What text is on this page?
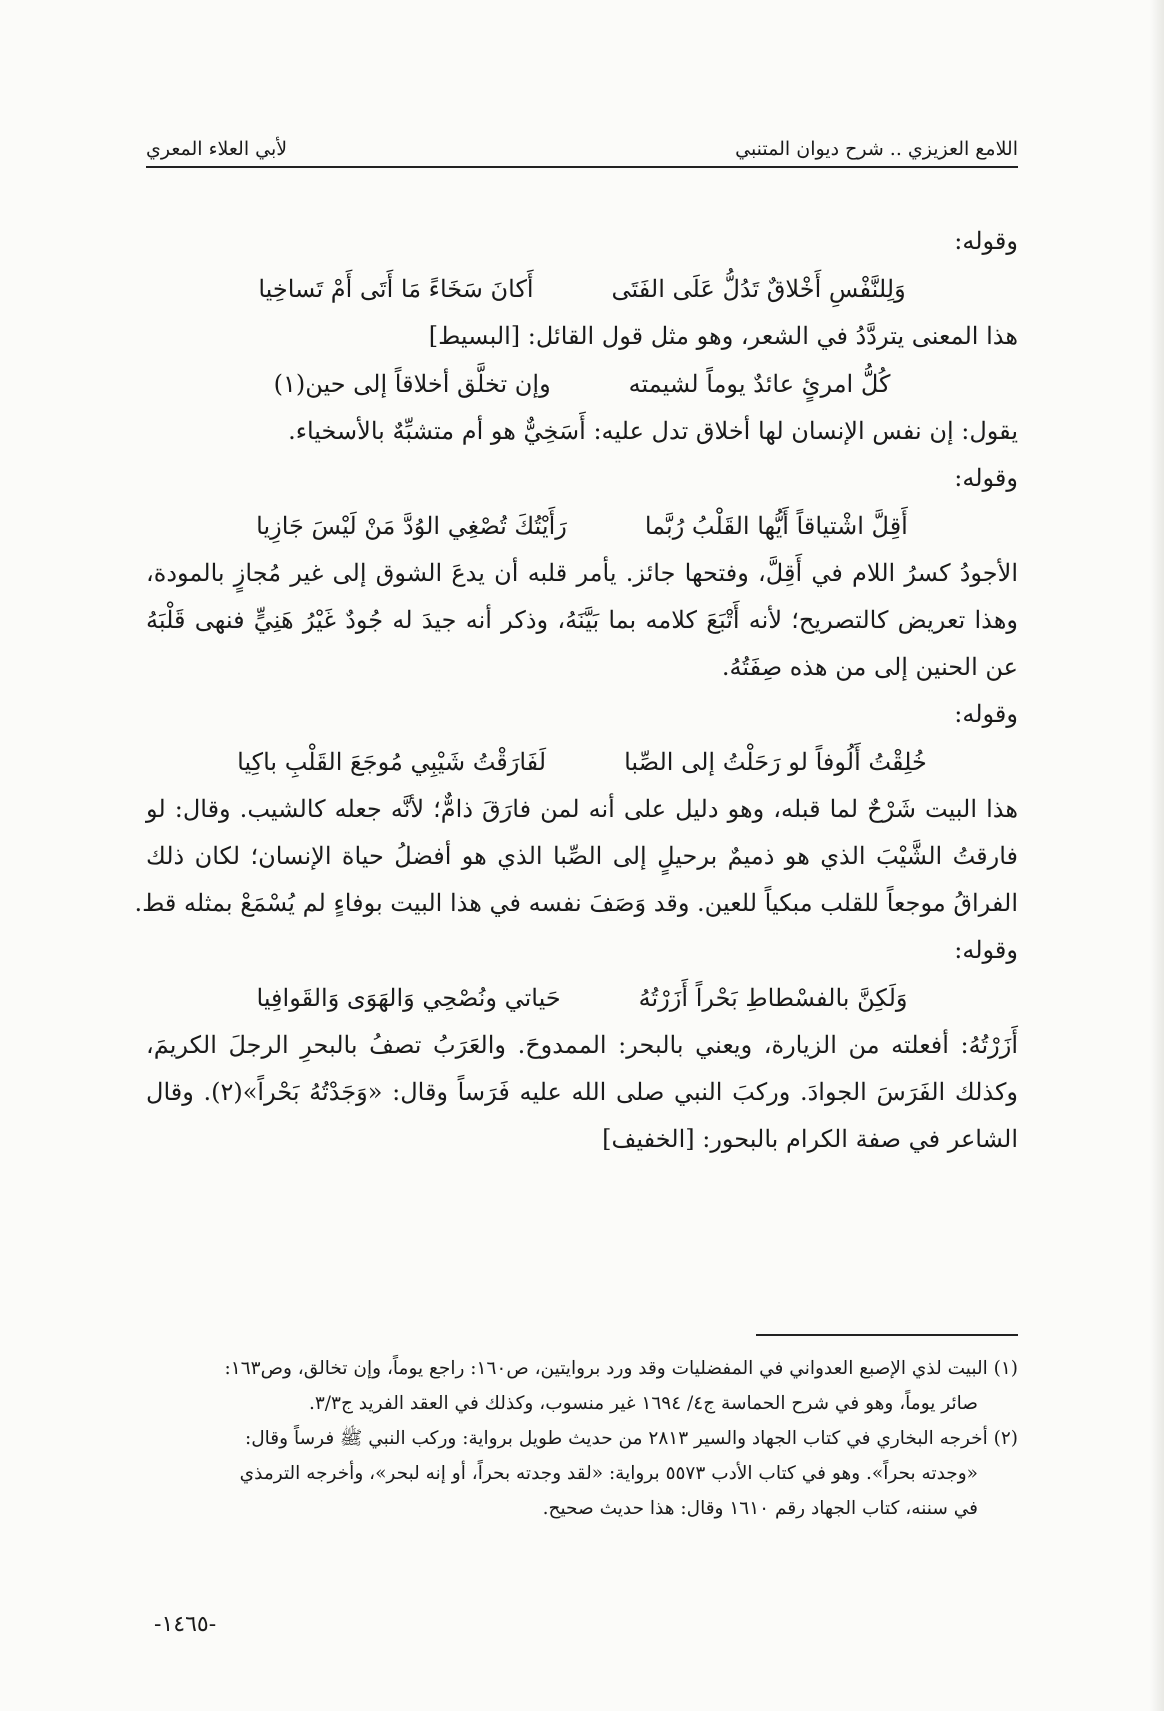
اللامع العزيزي .. شرح ديوان المتنبي
لأبي العلاء المعري
وقوله:
وَلِلنَّفْسِ أَخْلاقٌ تَدُلُّ عَلَى الفَتَى
أَكانَ سَخَاءً مَا أَتَى أَمْ تَساخِيا
هذا المعنى يتردَّدُ في الشعر، وهو مثل قول القائل: [البسيط]
كُلُّ امرئٍ عائدٌ يوماً لشيمته
وإن تخلَّق أخلاقاً إلى حين(١)
يقول: إن نفس الإنسان لها أخلاق تدل عليه: أَسَخِيٌّ هو أم متشبِّهٌ بالأسخياء.
وقوله:
أَقِلَّ اشْتياقاً أَيُّها القَلْبُ رُبَّما
رَأَيْتُكَ تُصْغِي الوُدَّ مَنْ لَيْسَ جَازِيا
الأجودُ كسرُ اللام في أَقِلَّ، وفتحها جائز. يأمر قلبه أن يدعَ الشوق إلى غير مُجازٍ بالمودة،
وهذا تعريض كالتصريح؛ لأنه أَتْبَعَ كلامه بما بَيَّنَهُ، وذكر أنه جيدَ له جُودٌ غَيْرُ هَنِيٍّ فنهى قَلْبَهُ
عن الحنين إلى من هذه صِفَتُهُ.
وقوله:
خُلِقْتُ أَلُوفاً لو رَحَلْتُ إلى الصِّبا
لَفَارَقْتُ شَيْبِي مُوجَعَ القَلْبِ باكِيا
هذا البيت شَرْحٌ لما قبله، وهو دليل على أنه لمن فارَقَ ذامٌّ؛ لأنَّه جعله كالشيب. وقال: لو
فارقتُ الشَّيْبَ الذي هو ذميمٌ برحيلٍ إلى الصِّبا الذي هو أفضلُ حياة الإنسان؛ لكان ذلك
الفراقُ موجعاً للقلب مبكياً للعين. وقد وَصَفَ نفسه في هذا البيت بوفاءٍ لم يُسْمَعْ بمثله قط.
وقوله:
وَلَكِنَّ بالفسْطاطِ بَحْراً أَزَرْتُهُ
حَياتي ونُصْحِي وَالهَوَى وَالقَوافِيا
أَزَرْتُهُ: أفعلته من الزيارة، ويعني بالبحر: الممدوحَ. والعَرَبُ تصفُ بالبحرِ الرجلَ الكريمَ،
وكذلك الفَرَسَ الجوادَ. وركبَ النبي صلى الله عليه فَرَساً وقال: «وَجَدْتُهُ بَحْراً»(٢). وقال
الشاعر في صفة الكرام بالبحور: [الخفيف]
(١) البيت لذي الإصبع العدواني في المفضليات وقد ورد بروايتين، ص١٦٠: راجع يوماً، وإن تخالق، وص١٦٣:
صائر يوماً، وهو في شرح الحماسة ج٤/ ١٦٩٤ غير منسوب، وكذلك في العقد الفريد ج٣/٣.
(٢) أخرجه البخاري في كتاب الجهاد والسير ٢٨١٣ من حديث طويل برواية: وركب النبي ﷺ فرساً وقال:
«وجدته بحراً». وهو في كتاب الأدب ٥٥٧٣ برواية: «لقد وجدته بحراً، أو إنه لبحر»، وأخرجه الترمذي
في سننه، كتاب الجهاد رقم ١٦١٠ وقال: هذا حديث صحيح.
-١٤٦٥-
